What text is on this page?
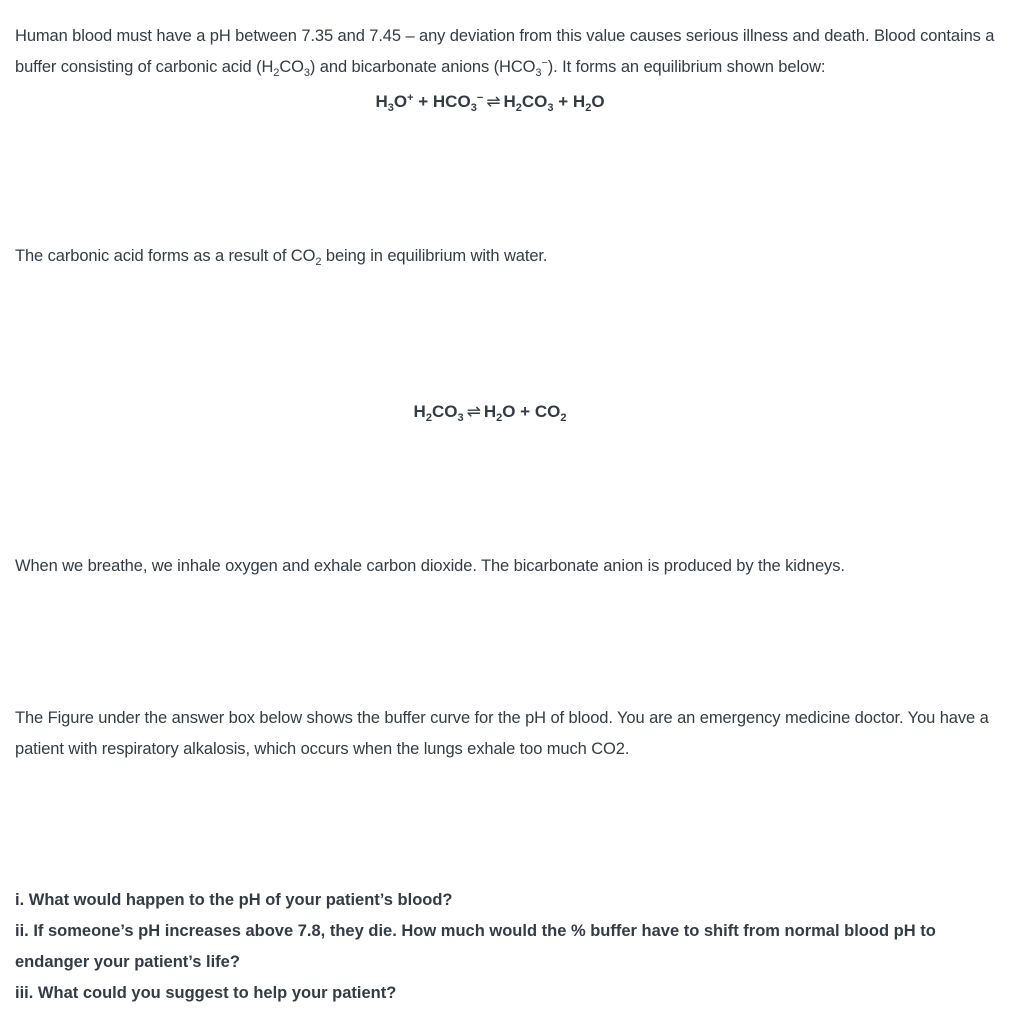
Human blood must have a pH between 7.35 and 7.45 – any deviation from this value causes serious illness and death. Blood contains a buffer consisting of carbonic acid $(H_2CO_3)$ and bicarbonate anions $(HCO_3^-)$. It forms an equilibrium shown below:

$H_3O^+ + HCO_3^-$ ⇌ $H_2CO_3 + H_2O$

The carbonic acid forms as a result of $CO_2$ being in equilibrium with water.

$H_2CO_3$ ⇌ $H_2O + CO_2$

When we breathe, we inhale oxygen and exhale carbon dioxide. The bicarbonate anion is produced by the kidneys.

The Figure under the answer box below shows the buffer curve for the pH of blood. You are an emergency medicine doctor. You have a patient with respiratory alkalosis, which occurs when the lungs exhale too much CO2.

i. What would happen to the pH of your patient’s blood?
ii. If someone’s pH increases above 7.8, they die. How much would the % buffer have to shift from normal blood pH to endanger your patient’s life?
iii. What could you suggest to help your patient?
